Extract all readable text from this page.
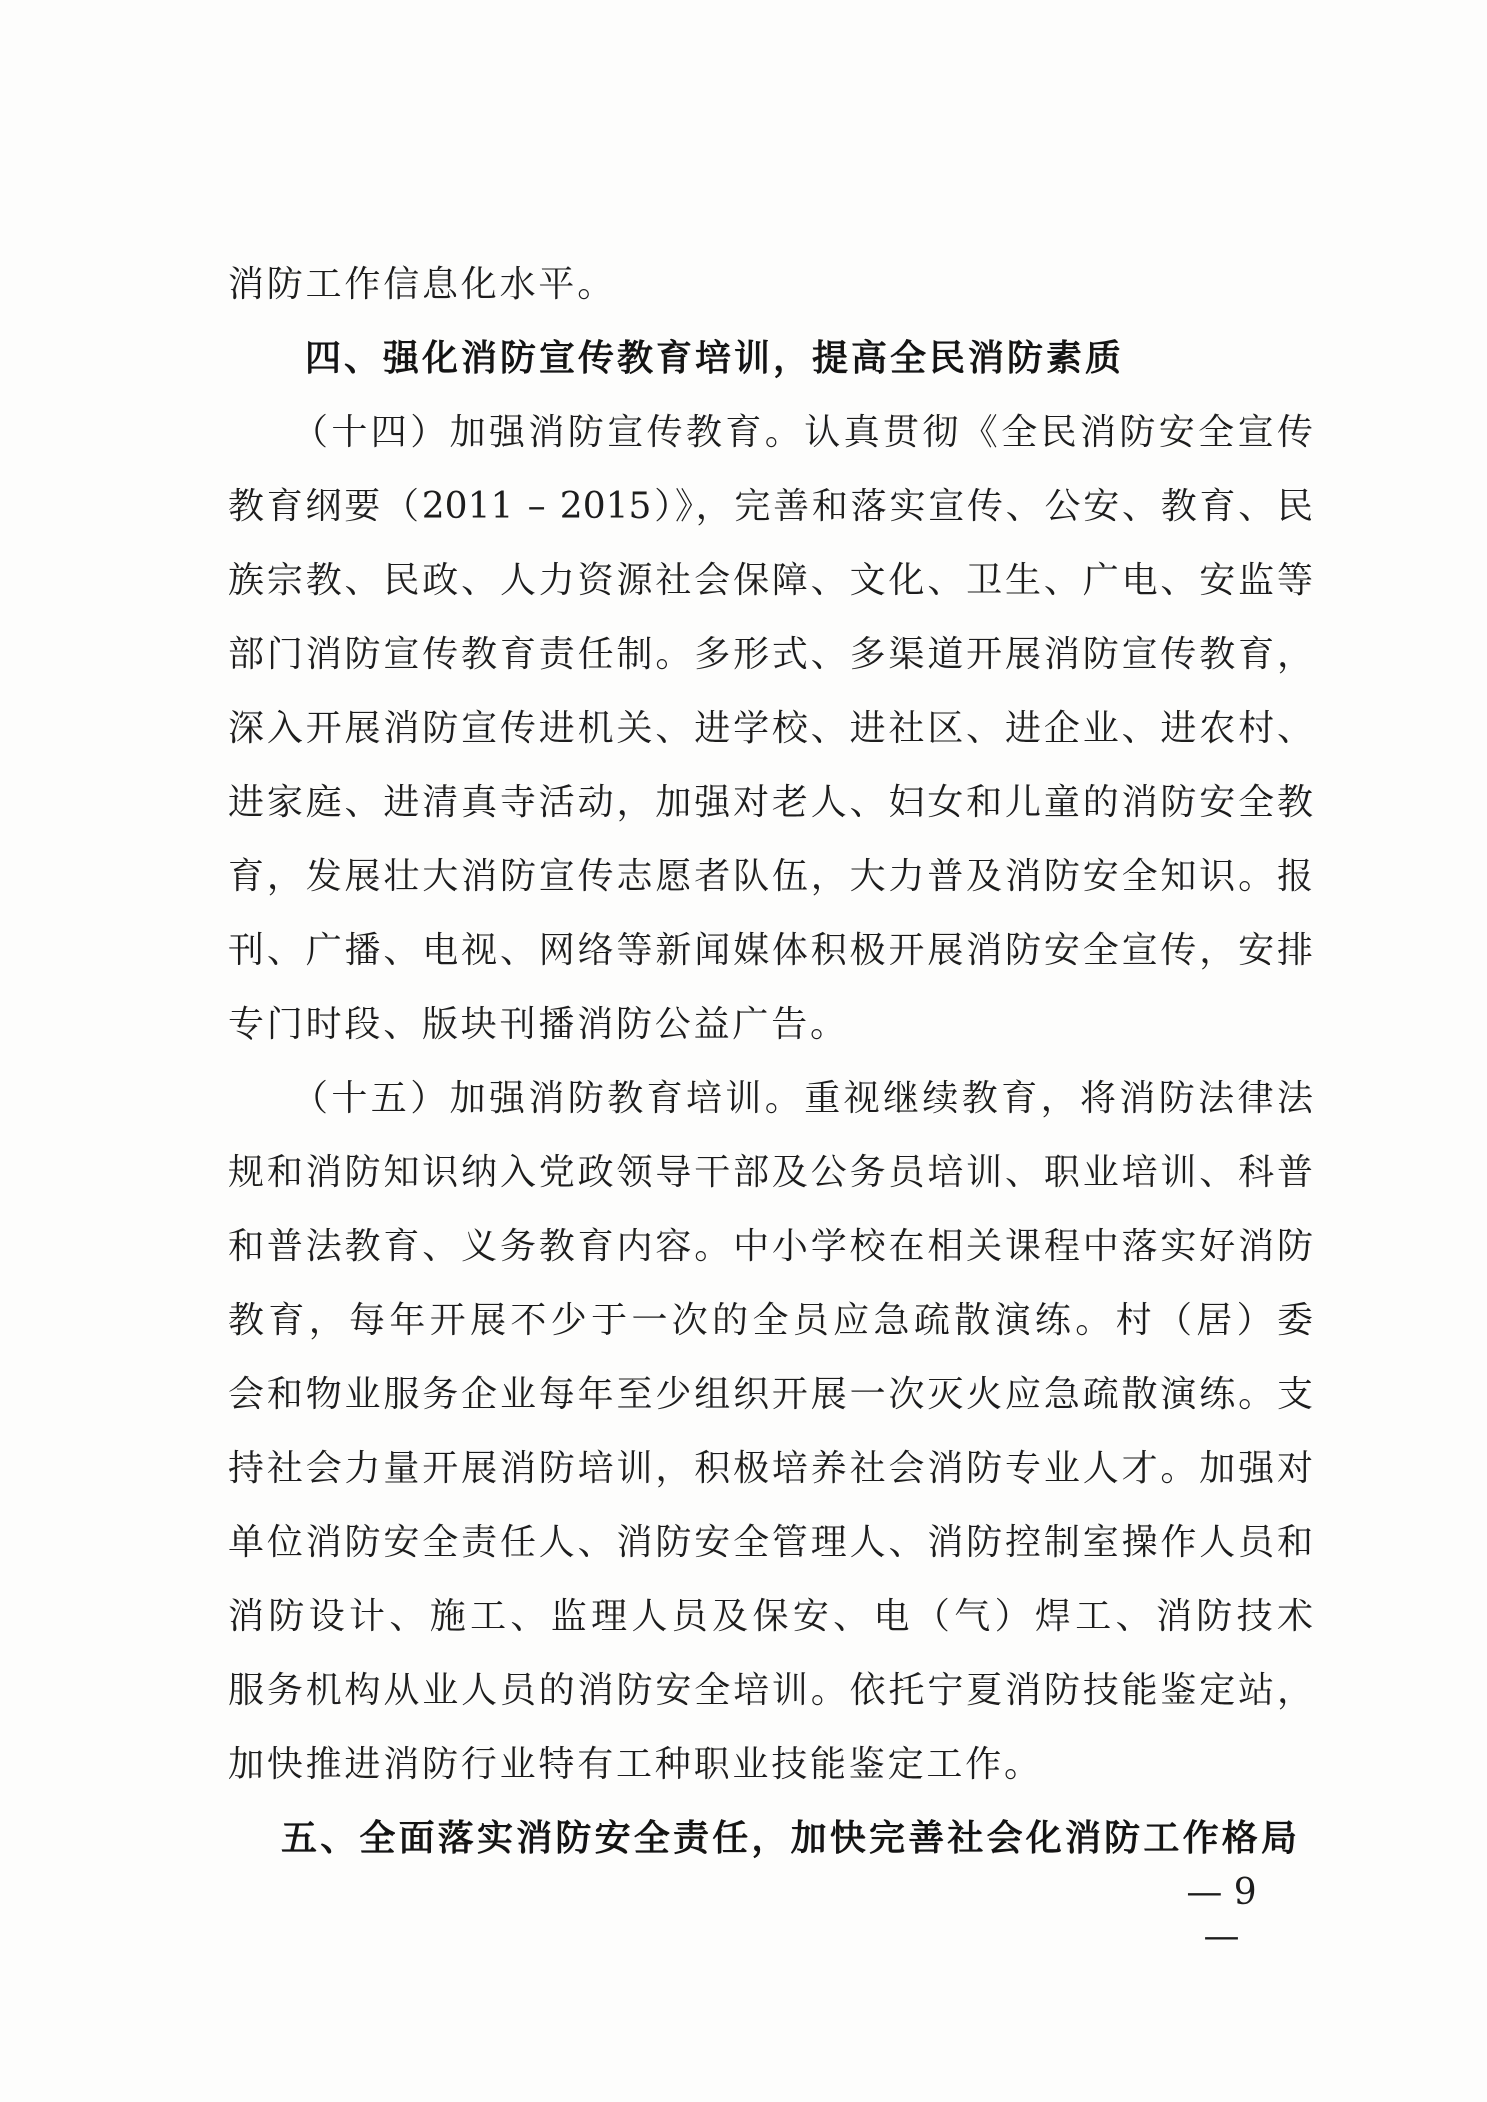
消防工作信息化水平。
四、强化消防宣传教育培训，提高全民消防素质
（十四）加强消防宣传教育。认真贯彻《全民消防安全宣传
教育纲要（2011 – 2015）》，完善和落实宣传、公安、教育、民
族宗教、民政、人力资源社会保障、文化、卫生、广电、安监等
部门消防宣传教育责任制。多形式、多渠道开展消防宣传教育，
深入开展消防宣传进机关、进学校、进社区、进企业、进农村、
进家庭、进清真寺活动，加强对老人、妇女和儿童的消防安全教
育，发展壮大消防宣传志愿者队伍，大力普及消防安全知识。报
刊、广播、电视、网络等新闻媒体积极开展消防安全宣传，安排
专门时段、版块刊播消防公益广告。
（十五）加强消防教育培训。重视继续教育，将消防法律法
规和消防知识纳入党政领导干部及公务员培训、职业培训、科普
和普法教育、义务教育内容。中小学校在相关课程中落实好消防
教育，每年开展不少于一次的全员应急疏散演练。村（居）委
会和物业服务企业每年至少组织开展一次灭火应急疏散演练。支
持社会力量开展消防培训，积极培养社会消防专业人才。加强对
单位消防安全责任人、消防安全管理人、消防控制室操作人员和
消防设计、施工、监理人员及保安、电（气）焊工、消防技术
服务机构从业人员的消防安全培训。依托宁夏消防技能鉴定站，
加快推进消防行业特有工种职业技能鉴定工作。
五、全面落实消防安全责任，加快完善社会化消防工作格局
— 9 —
